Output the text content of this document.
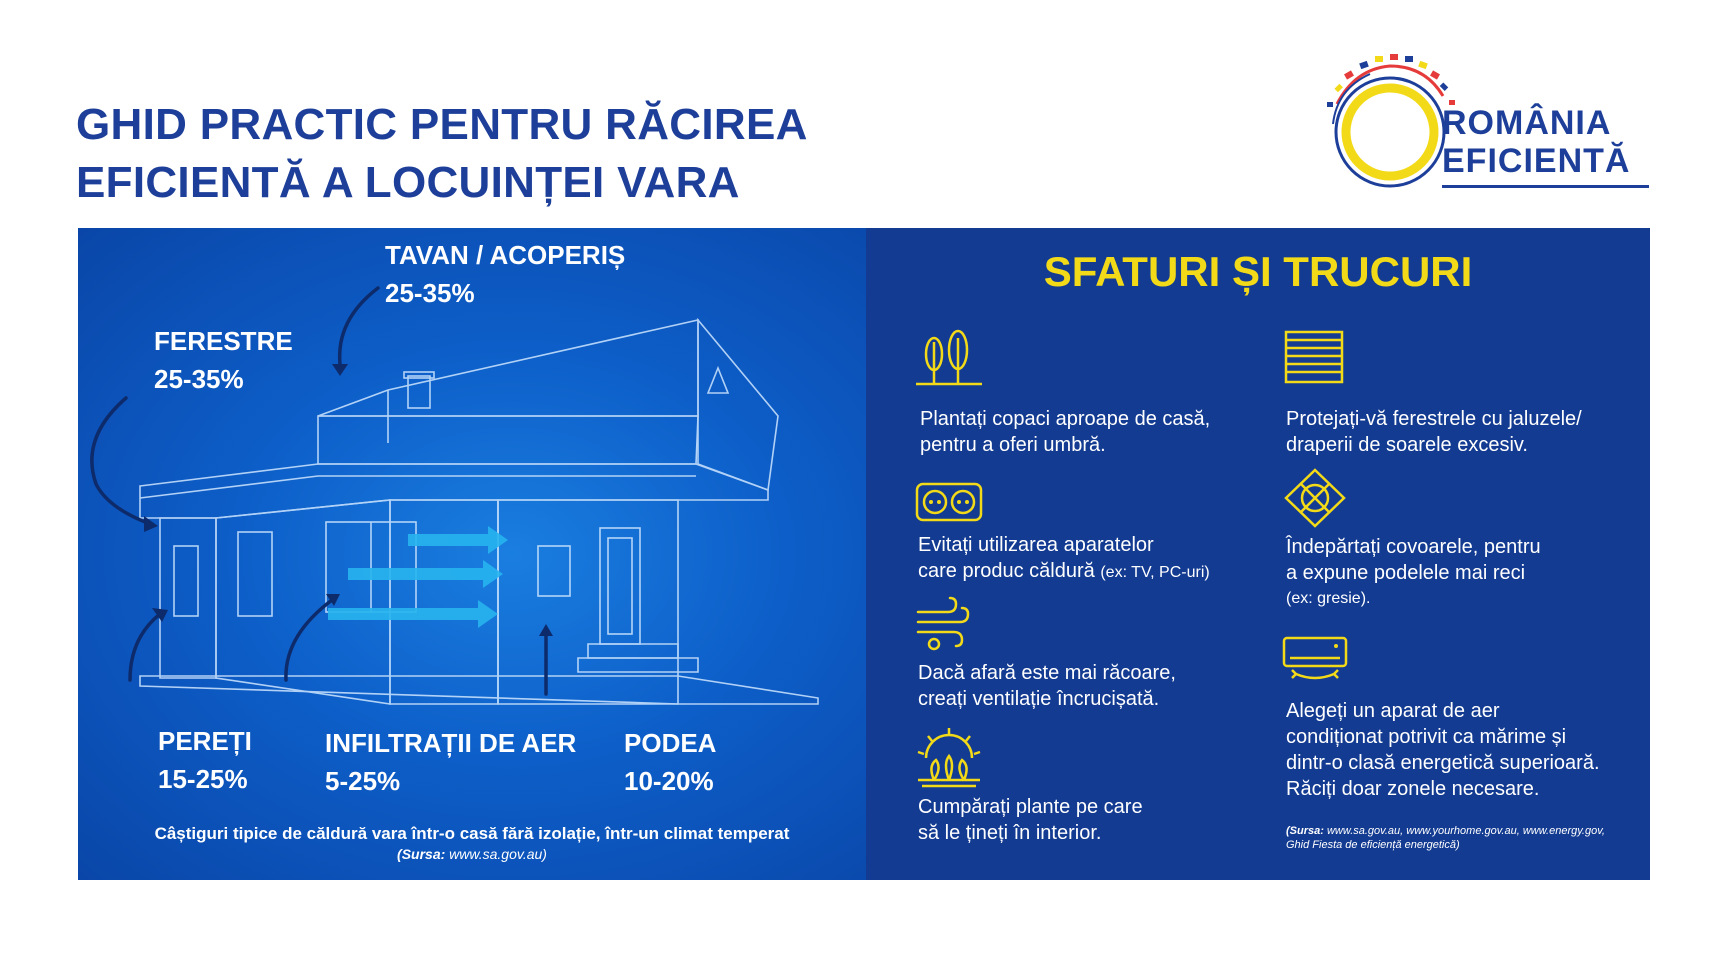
GHID PRACTIC PENTRU RĂCIREA
EFICIENTĂ A LOCUINȚEI VARA
ROMÂNIA
EFICIENTĂ
TAVAN / ACOPERIȘ
25-35%
FERESTRE
25-35%
PEREȚI
15-25%
INFILTRAȚII DE AER
5-25%
PODEA
10-20%
Câștiguri tipice de căldură vara într-o casă fără izolație, într-un climat temperat
(Sursa: www.sa.gov.au)
SFATURI ȘI TRUCURI
Plantați copaci aproape de casă,
pentru a oferi umbră.
Protejați-vă ferestrele cu jaluzele/
draperii de soarele excesiv.
Evitați utilizarea aparatelor
care produc căldură (ex: TV, PC-uri)
Îndepărtați covoarele, pentru
a expune podelele mai reci
(ex: gresie).
Dacă afară este mai răcoare,
creați ventilație încrucișată.
Alegeți un aparat de aer
condiționat potrivit ca mărime și
dintr-o clasă energetică superioară.
Răciți doar zonele necesare.
Cumpărați plante pe care
să le țineți în interior.	(Sursa: www.sa.gov.au, www.yourhome.gov.au, www.energy.gov,
Ghid Fiesta de eficiență energetică)
